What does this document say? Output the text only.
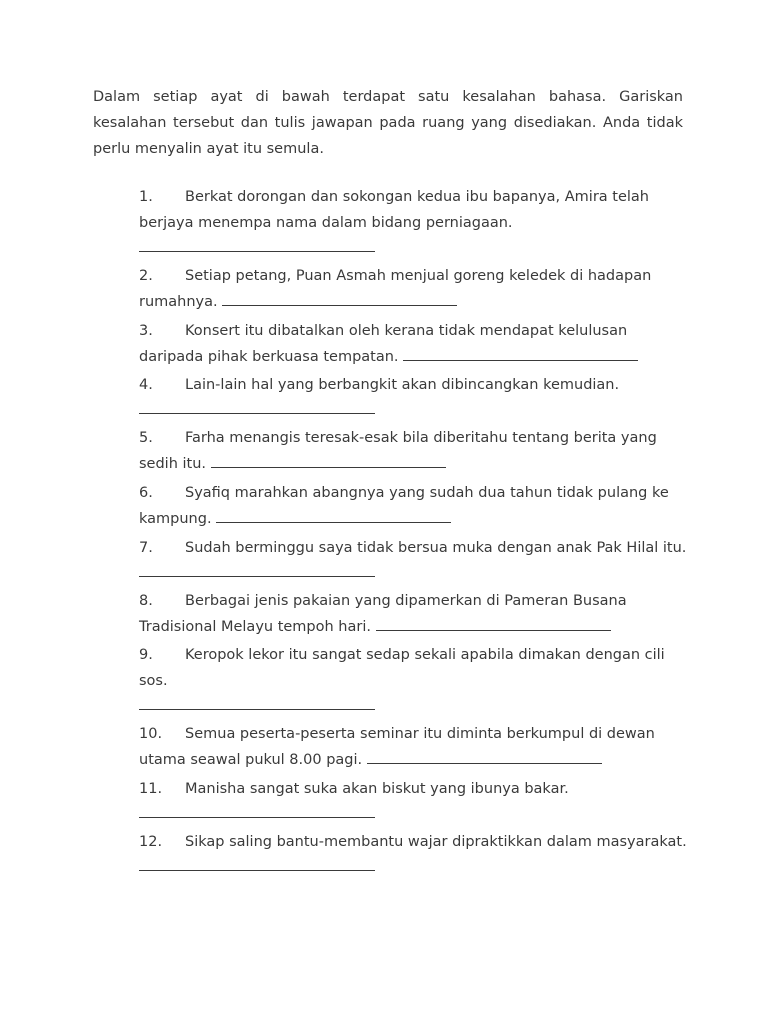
Dalam setiap ayat di bawah terdapat satu kesalahan bahasa. Gariskan kesalahan tersebut dan tulis jawapan pada ruang yang disediakan. Anda tidak perlu menyalin ayat itu semula.

1. Berkat dorongan dan sokongan kedua ibu bapanya, Amira telah berjaya menempa nama dalam bidang perniagaan.
2. Setiap petang, Puan Asmah menjual goreng keledek di hadapan rumahnya.
3. Konsert itu dibatalkan oleh kerana tidak mendapat kelulusan daripada pihak berkuasa tempatan.
4. Lain-lain hal yang berbangkit akan dibincangkan kemudian.
5. Farha menangis teresak-esak bila diberitahu tentang berita yang sedih itu.
6. Syafiq marahkan abangnya yang sudah dua tahun tidak pulang ke kampung.
7. Sudah berminggu saya tidak bersua muka dengan anak Pak Hilal itu.
8. Berbagai jenis pakaian yang dipamerkan di Pameran Busana Tradisional Melayu tempoh hari.
9. Keropok lekor itu sangat sedap sekali apabila dimakan dengan cili sos.
10. Semua peserta-peserta seminar itu diminta berkumpul di dewan utama seawal pukul 8.00 pagi.
11. Manisha sangat suka akan biskut yang ibunya bakar.
12. Sikap saling bantu-membantu wajar dipraktikkan dalam masyarakat.
